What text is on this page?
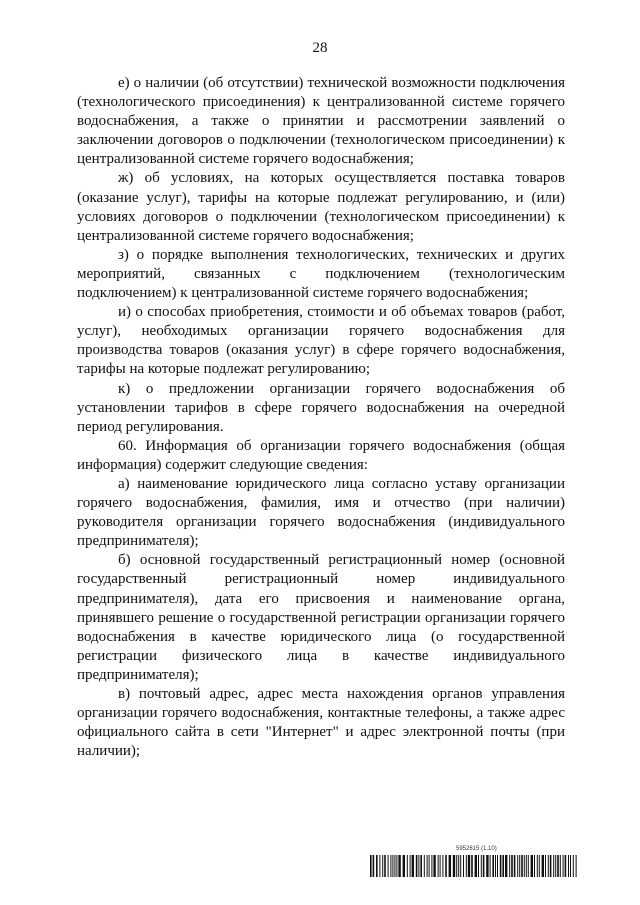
28

е) о наличии (об отсутствии) технической возможности подключения (технологического присоединения) к централизованной системе горячего водоснабжения, а также о принятии и рассмотрении заявлений о заключении договоров о подключении (технологическом присоединении) к централизованной системе горячего водоснабжения;

ж) об условиях, на которых осуществляется поставка товаров (оказание услуг), тарифы на которые подлежат регулированию, и (или) условиях договоров о подключении (технологическом присоединении) к централизованной системе горячего водоснабжения;

з) о порядке выполнения технологических, технических и других мероприятий, связанных с подключением (технологическим подключением) к централизованной системе горячего водоснабжения;

и) о способах приобретения, стоимости и об объемах товаров (работ, услуг), необходимых организации горячего водоснабжения для производства товаров (оказания услуг) в сфере горячего водоснабжения, тарифы на которые подлежат регулированию;

к) о предложении организации горячего водоснабжения об установлении тарифов в сфере горячего водоснабжения на очередной период регулирования.

60. Информация об организации горячего водоснабжения (общая информация) содержит следующие сведения:

а) наименование юридического лица согласно уставу организации горячего водоснабжения, фамилия, имя и отчество (при наличии) руководителя организации горячего водоснабжения (индивидуального предпринимателя);

б) основной государственный регистрационный номер (основной государственный регистрационный номер индивидуального предпринимателя), дата его присвоения и наименование органа, принявшего решение о государственной регистрации организации горячего водоснабжения в качестве юридического лица (о государственной регистрации физического лица в качестве индивидуального предпринимателя);

в) почтовый адрес, адрес места нахождения органов управления организации горячего водоснабжения, контактные телефоны, а также адрес официального сайта в сети "Интернет" и адрес электронной почты (при наличии);

5952615 (1.10)
